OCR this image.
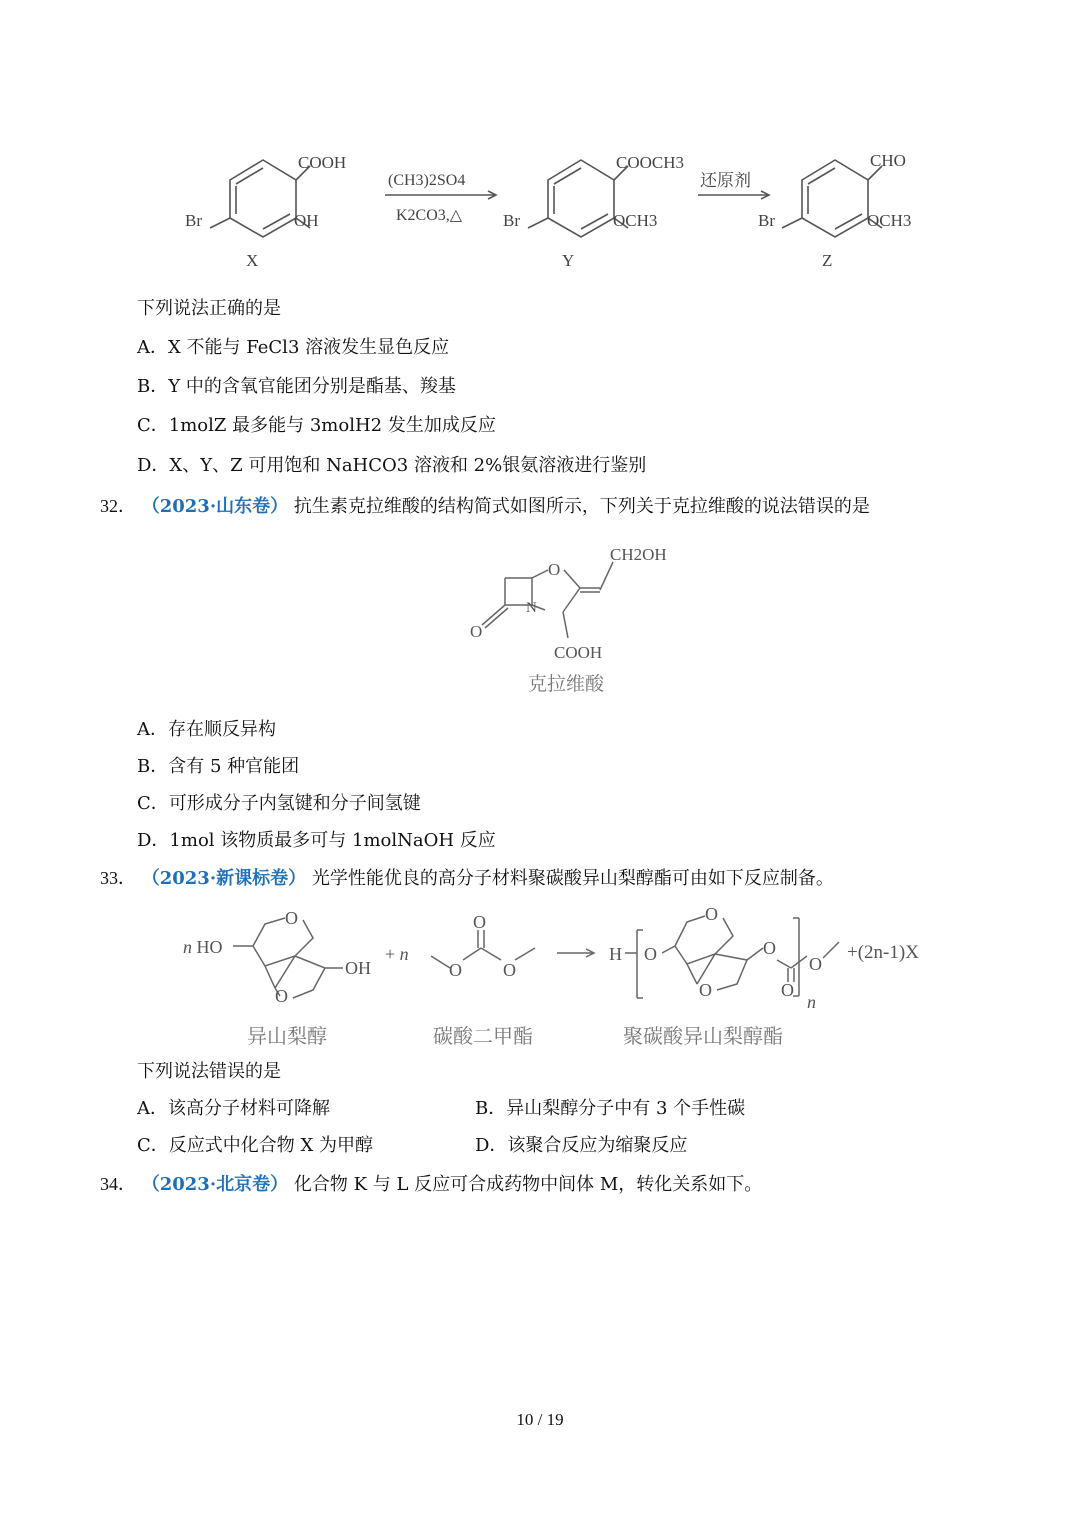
COOH
OH
Br
X
(CH3)2SO4
K2CO3,△
COOCH3
OCH3
Br
Y
还原剂
CHO
OCH3
Br
Z
下列说法正确的是
A．X 不能与 FeCl3 溶液发生显色反应
B．Y 中的含氧官能团分别是酯基、羧基
C．1molZ 最多能与 3molH2 发生加成反应
D．X、Y、Z 可用饱和 NaHCO3 溶液和 2%银氨溶液进行鉴别
32． （2023·山东卷） 抗生素克拉维酸的结构简式如图所示，下列关于克拉维酸的说法错误的是
CH2OH
O
N
O
COOH
克拉维酸
A．存在顺反异构
B．含有 5 种官能团
C．可形成分子内氢键和分子间氢键
D．1mol 该物质最多可与 1molNaOH 反应
33． （2023·新课标卷） 光学性能优良的高分子材料聚碳酸异山梨醇酯可由如下反应制备。
n HO
O
O
OH
+ n
O
O
O
H O
O
O
O
O
n
O
+(2n-1)X
异山梨醇	碳酸二甲酯	聚碳酸异山梨醇酯
下列说法错误的是
A．该高分子材料可降解	B．异山梨醇分子中有 3 个手性碳
C．反应式中化合物 X 为甲醇	D．该聚合反应为缩聚反应
34． （2023·北京卷） 化合物 K 与 L 反应可合成药物中间体 M，转化关系如下。
10 / 19
